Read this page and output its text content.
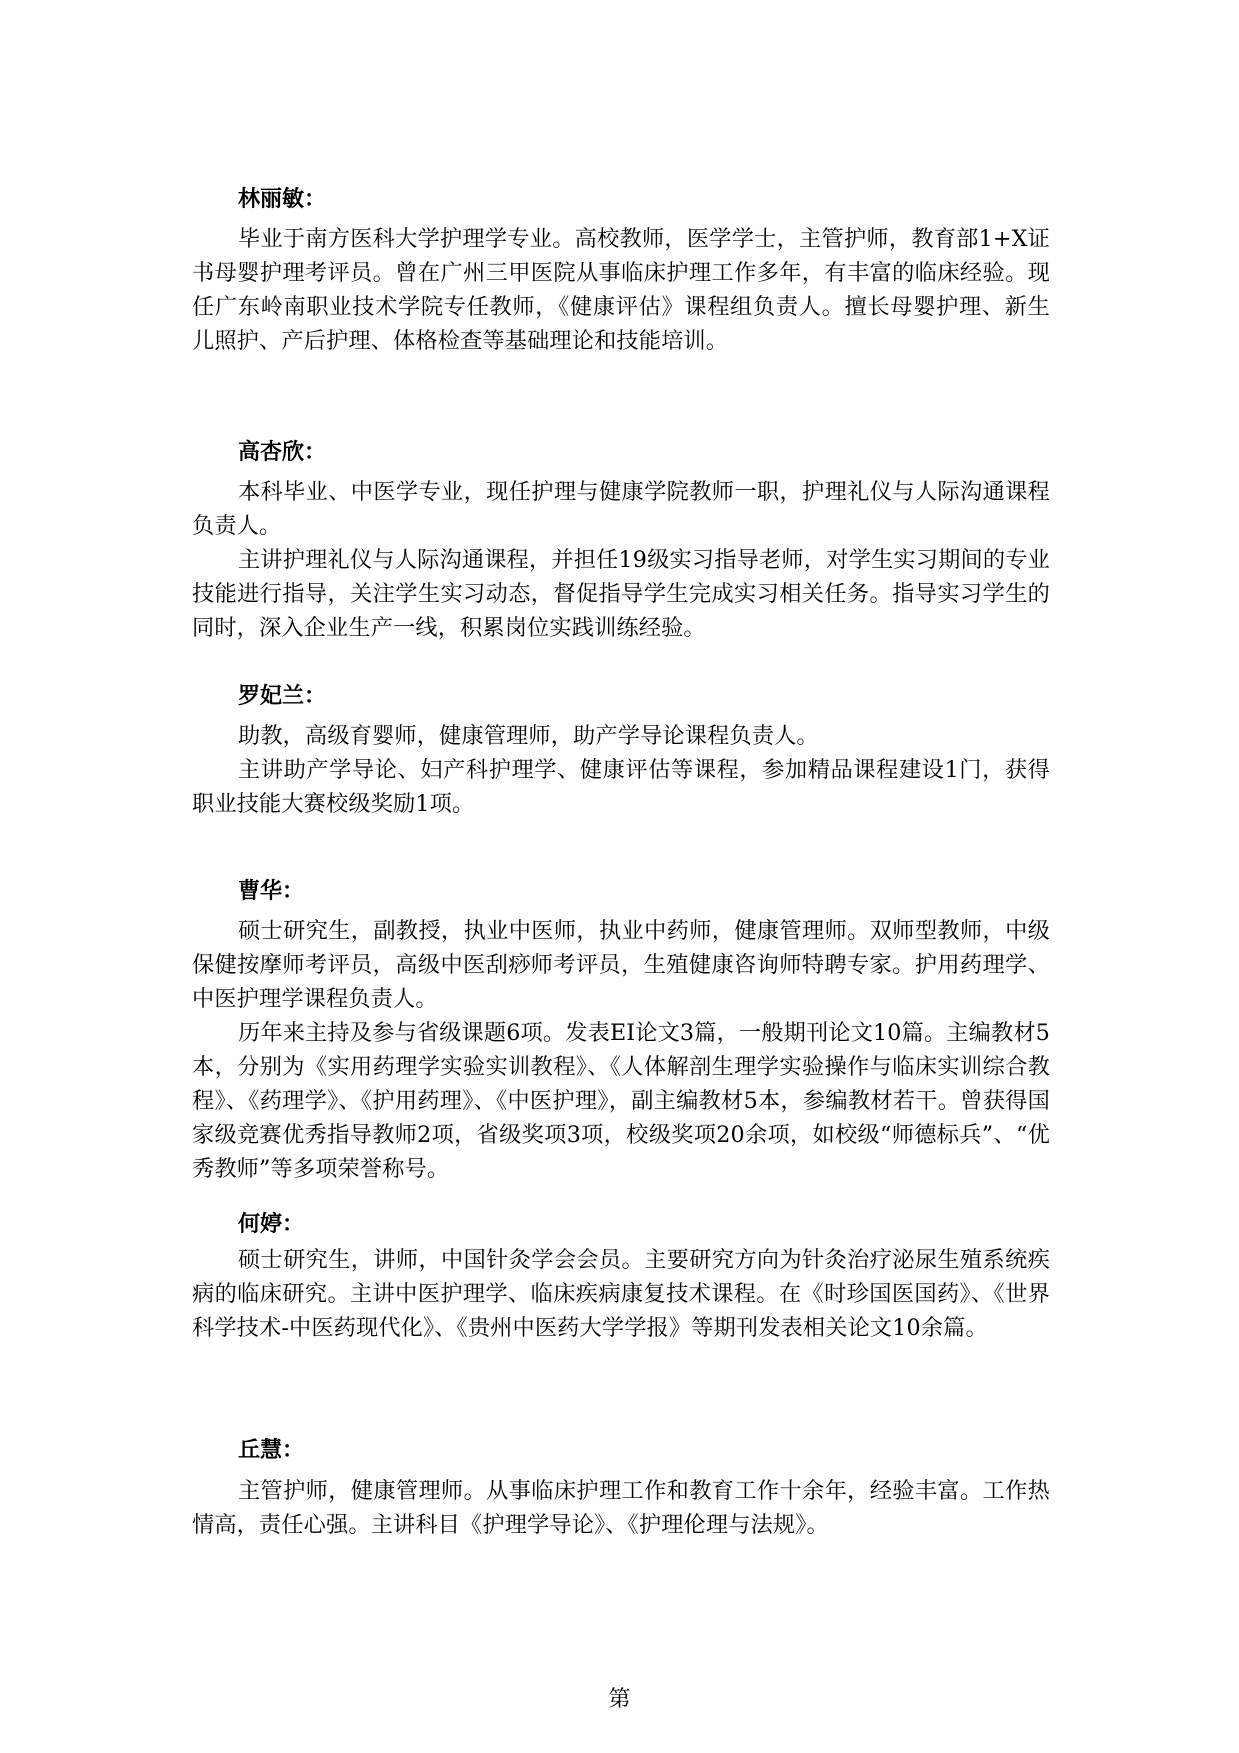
林丽敏：

毕业于南方医科大学护理学专业。高校教师，医学学士，主管护师，教育部1+X证书母婴护理考评员。曾在广州三甲医院从事临床护理工作多年，有丰富的临床经验。现任广东岭南职业技术学院专任教师，《健康评估》课程组负责人。擅长母婴护理、新生儿照护、产后护理、体格检查等基础理论和技能培训。

高杏欣：

本科毕业、中医学专业，现任护理与健康学院教师一职，护理礼仪与人际沟通课程负责人。

主讲护理礼仪与人际沟通课程，并担任19级实习指导老师，对学生实习期间的专业技能进行指导，关注学生实习动态，督促指导学生完成实习相关任务。指导实习学生的同时，深入企业生产一线，积累岗位实践训练经验。

罗妃兰：

助教，高级育婴师，健康管理师，助产学导论课程负责人。

主讲助产学导论、妇产科护理学、健康评估等课程，参加精品课程建设1门，获得职业技能大赛校级奖励1项。

曹华：

硕士研究生，副教授，执业中医师，执业中药师，健康管理师。双师型教师，中级保健按摩师考评员，高级中医刮痧师考评员，生殖健康咨询师特聘专家。护用药理学、中医护理学课程负责人。

历年来主持及参与省级课题6项。发表EI论文3篇，一般期刊论文10篇。主编教材5本，分别为《实用药理学实验实训教程》、《人体解剖生理学实验操作与临床实训综合教程》、《药理学》、《护用药理》、《中医护理》，副主编教材5本，参编教材若干。曾获得国家级竞赛优秀指导教师2项，省级奖项3项，校级奖项20余项，如校级“师德标兵”、“优秀教师”等多项荣誉称号。

何婷：

硕士研究生，讲师，中国针灸学会会员。主要研究方向为针灸治疗泌尿生殖系统疾病的临床研究。主讲中医护理学、临床疾病康复技术课程。在《时珍国医国药》、《世界科学技术-中医药现代化》、《贵州中医药大学学报》等期刊发表相关论文10余篇。

丘慧：

主管护师，健康管理师。从事临床护理工作和教育工作十余年，经验丰富。工作热情高，责任心强。主讲科目《护理学导论》、《护理伦理与法规》。

第
